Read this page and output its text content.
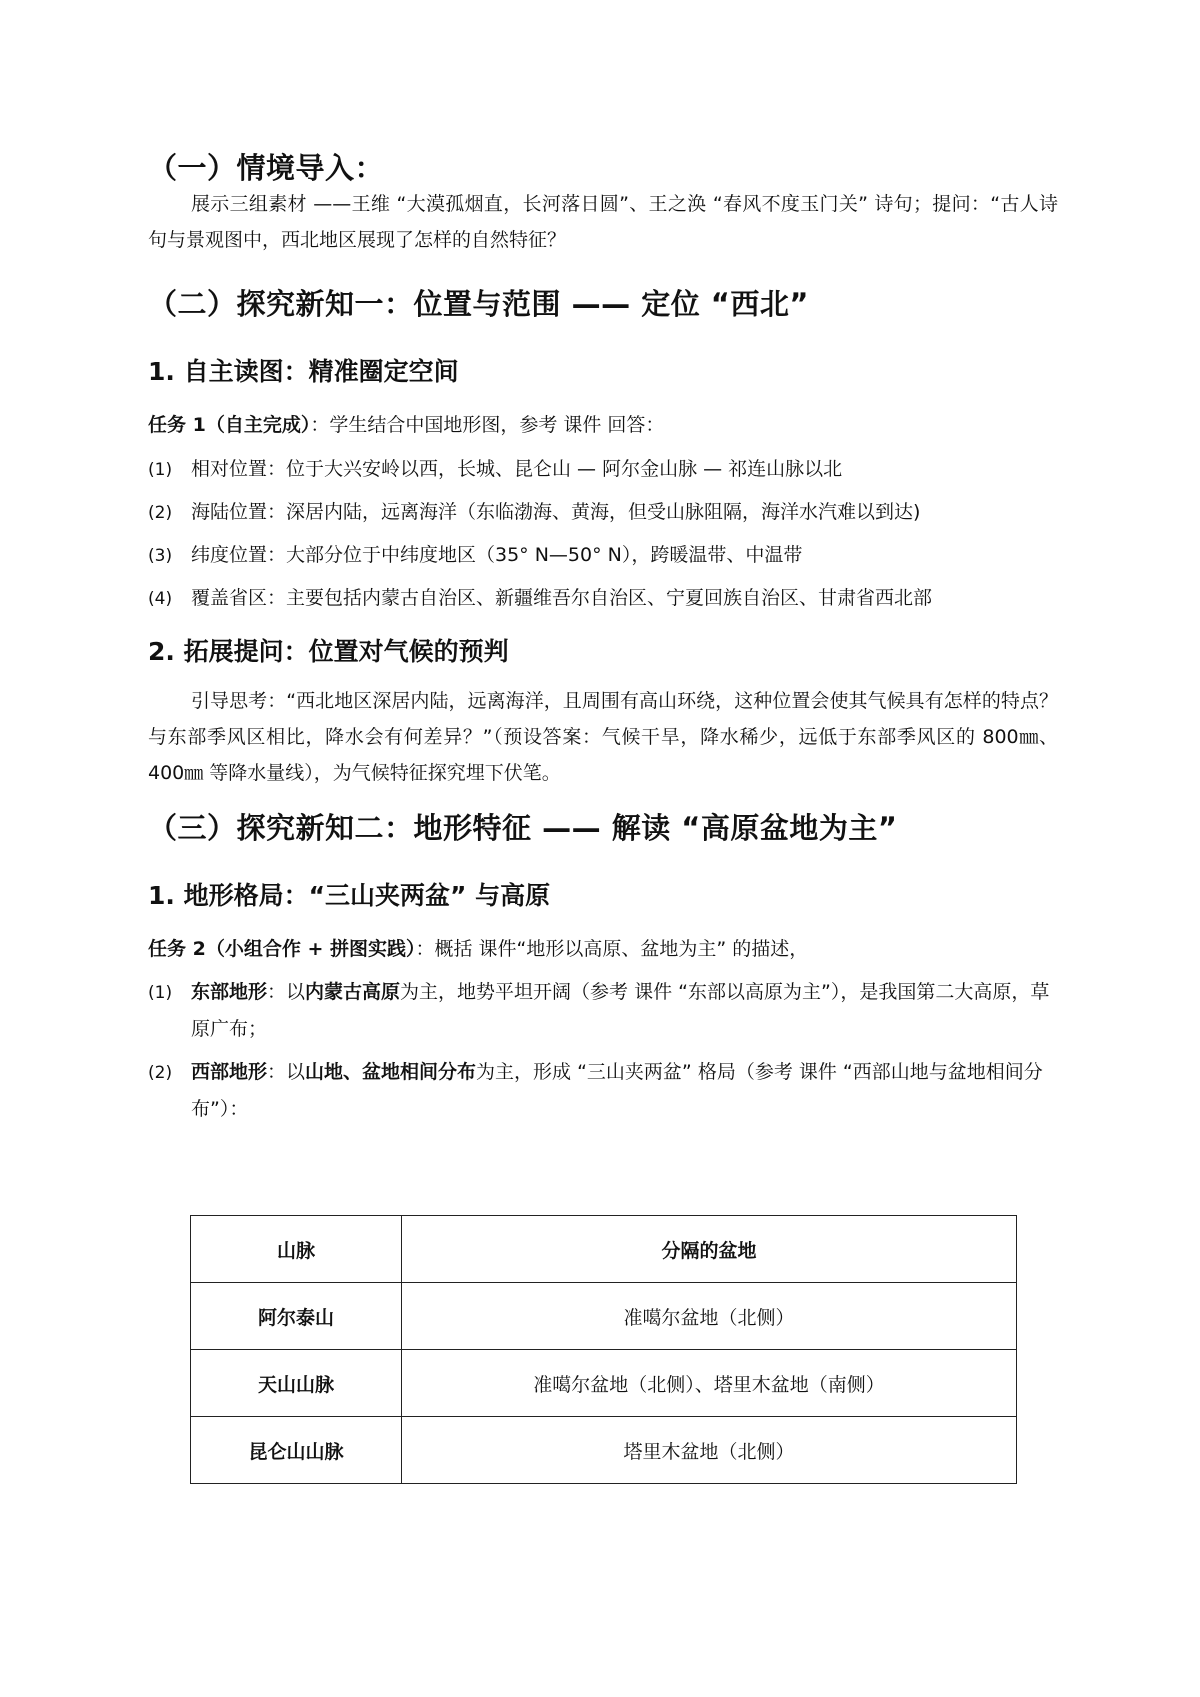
（一）情境导入：
展示三组素材 ——王维 “大漠孤烟直，长河落日圆”、王之涣 “春风不度玉门关” 诗句；提问：“古人诗句与景观图中，西北地区展现了怎样的自然特征？
（二）探究新知一：位置与范围 —— 定位 “西北”
1. 自主读图：精准圈定空间
任务 1（自主完成）：学生结合中国地形图，参考 课件 回答：
(1) 相对位置：位于大兴安岭以西，长城、昆仑山 — 阿尔金山脉 — 祁连山脉以北
(2) 海陆位置：深居内陆，远离海洋（东临渤海、黄海，但受山脉阻隔，海洋水汽难以到达)
(3) 纬度位置：大部分位于中纬度地区（35° N—50° N），跨暖温带、中温带
(4) 覆盖省区：主要包括内蒙古自治区、新疆维吾尔自治区、宁夏回族自治区、甘肃省西北部
2. 拓展提问：位置对气候的预判
引导思考：“西北地区深居内陆，远离海洋，且周围有高山环绕，这种位置会使其气候具有怎样的特点？与东部季风区相比，降水会有何差异？”（预设答案：气候干旱，降水稀少，远低于东部季风区的 800㎜、400㎜ 等降水量线），为气候特征探究埋下伏笔。
（三）探究新知二：地形特征 —— 解读 “高原盆地为主”
1. 地形格局：“三山夹两盆” 与高原
任务 2（小组合作 + 拼图实践）：概括 课件“地形以高原、盆地为主” 的描述，
(1) 东部地形：以内蒙古高原为主，地势平坦开阔（参考 课件 “东部以高原为主”），是我国第二大高原，草原广布；
(2) 西部地形：以山地、盆地相间分布为主，形成 “三山夹两盆” 格局（参考 课件 “西部山地与盆地相间分布”）：
山脉	分隔的盆地
阿尔泰山	准噶尔盆地（北侧）
天山山脉	准噶尔盆地（北侧）、塔里木盆地（南侧）
昆仑山山脉	塔里木盆地（北侧）
